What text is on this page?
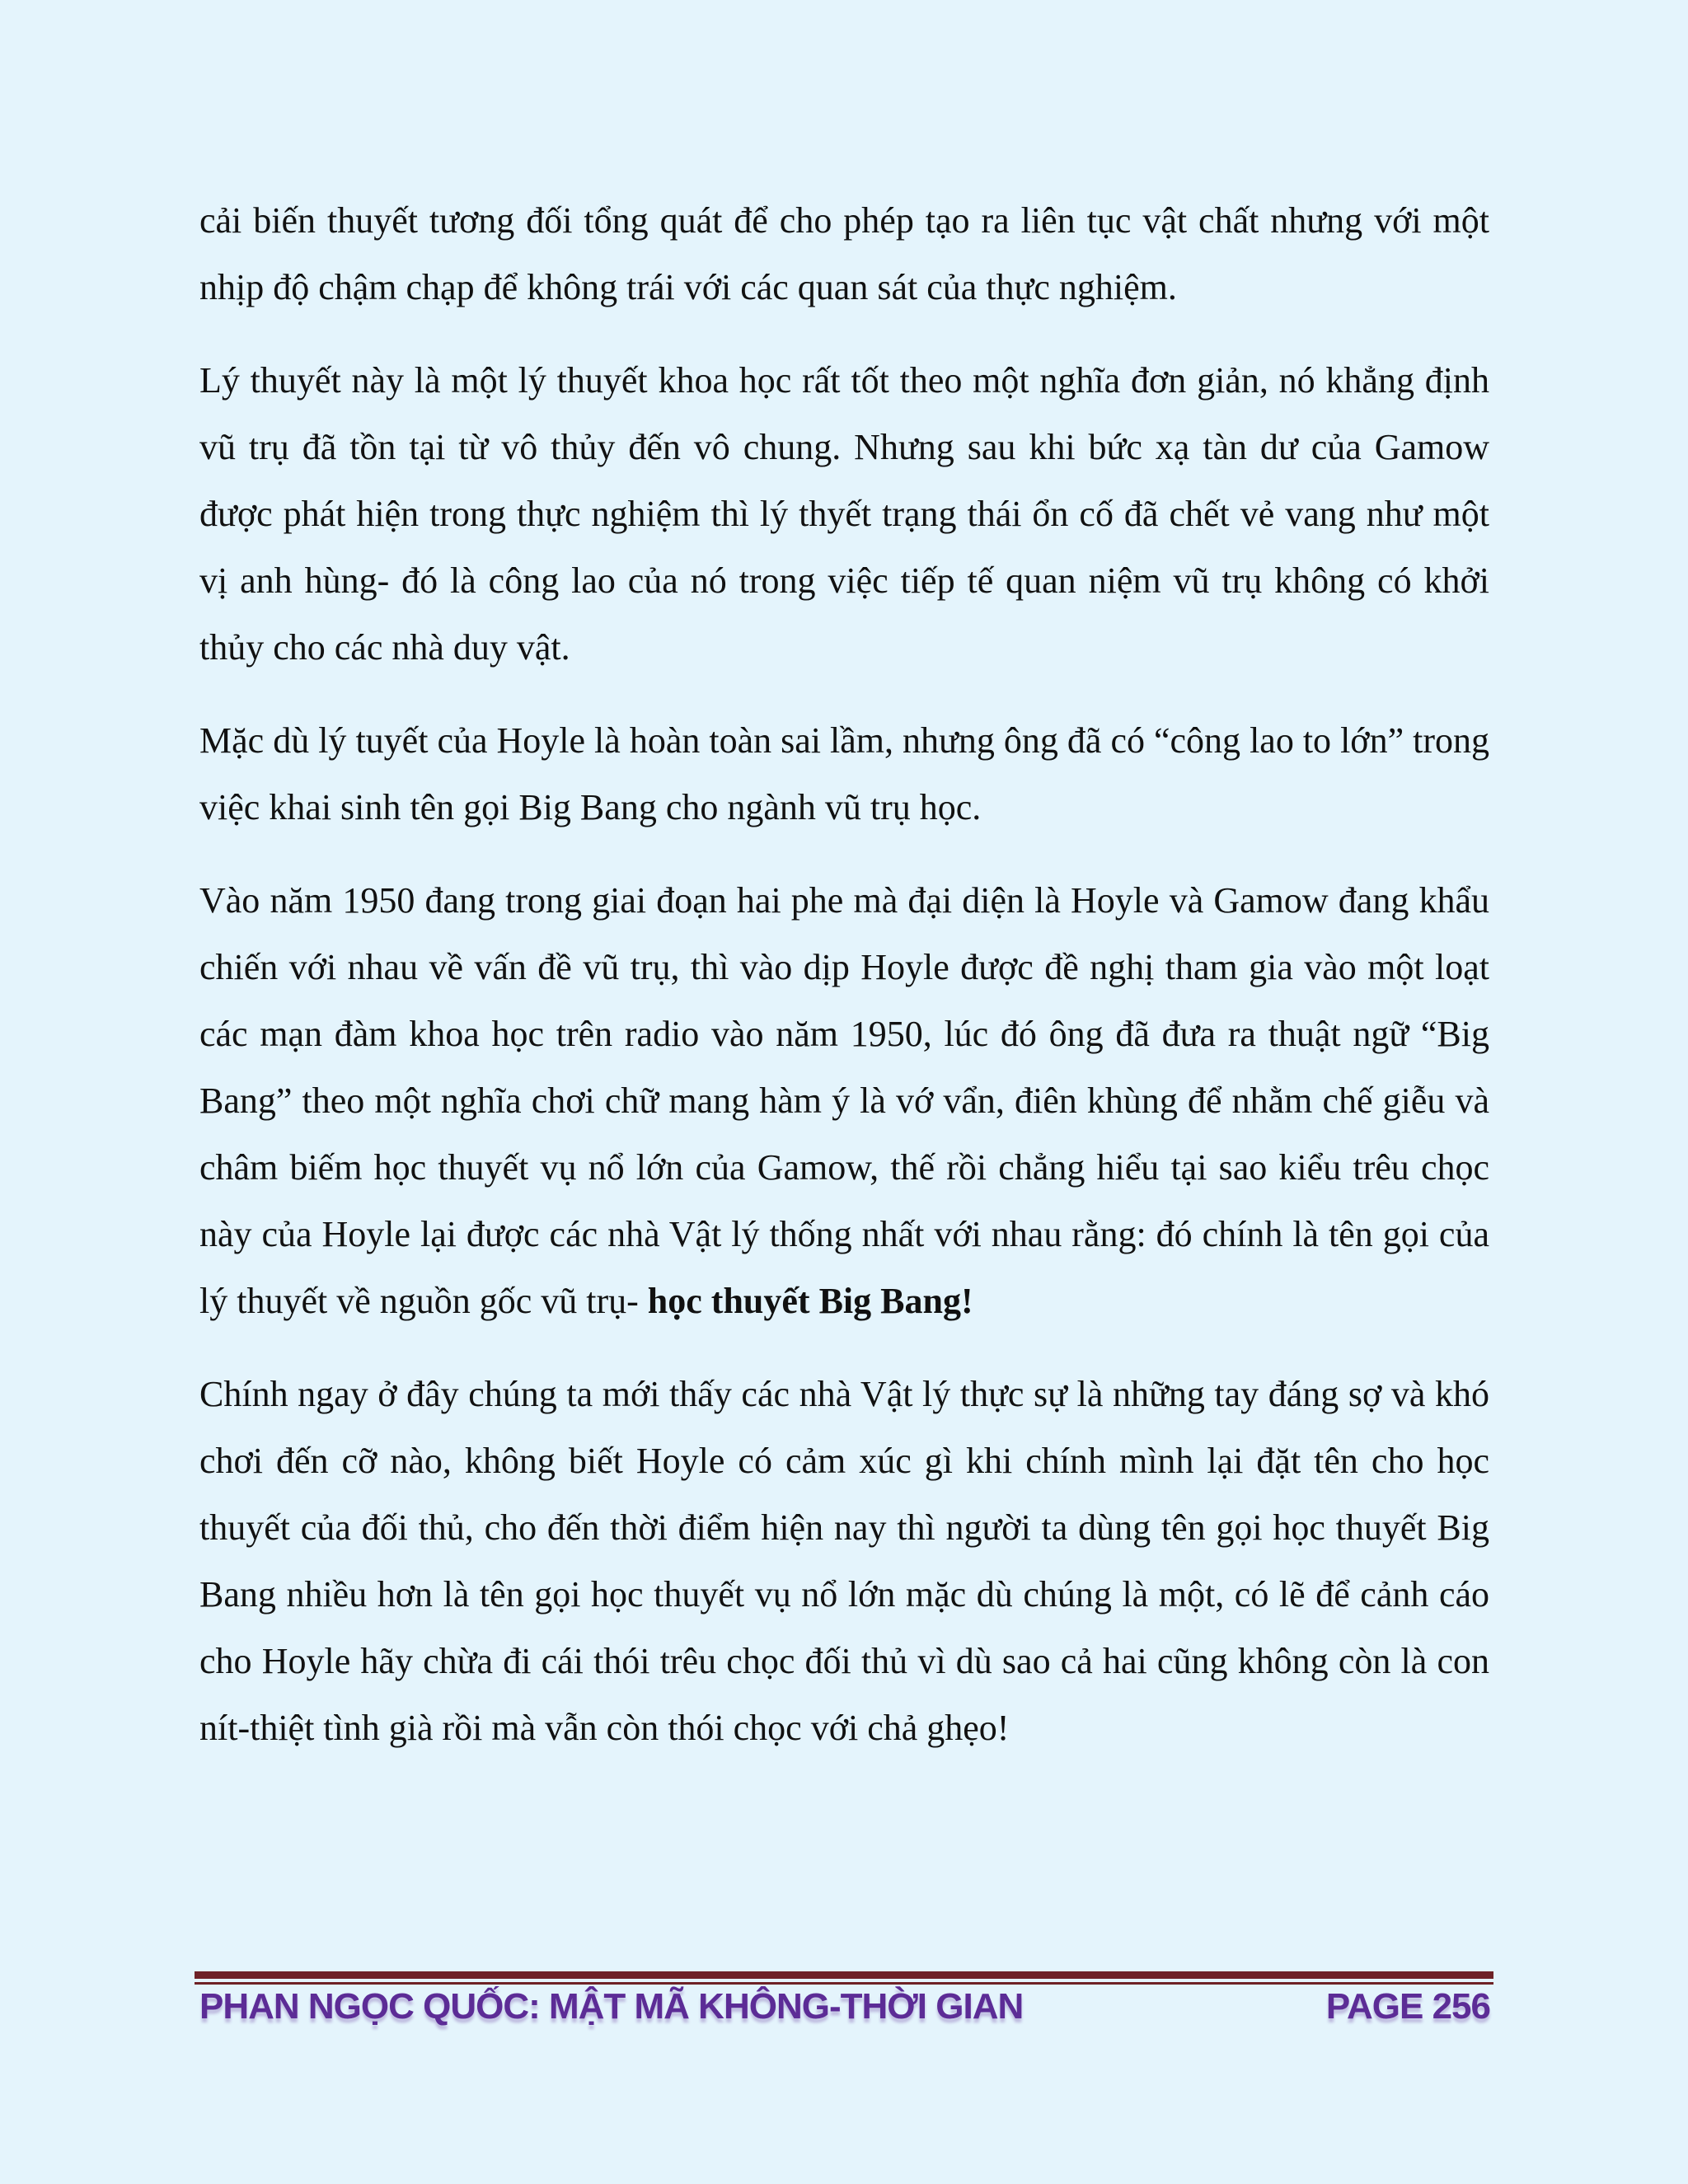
cải biến thuyết tương đối tổng quát để cho phép tạo ra liên tục vật chất nhưng với một nhịp độ chậm chạp để không trái với các quan sát của thực nghiệm.

Lý thuyết này là một lý thuyết khoa học rất tốt theo một nghĩa đơn giản, nó khẳng định vũ trụ đã tồn tại từ vô thủy đến vô chung. Nhưng sau khi bức xạ tàn dư của Gamow được phát hiện trong thực nghiệm thì lý thyết trạng thái ổn cố đã chết vẻ vang như một vị anh hùng- đó là công lao của nó trong việc tiếp tế quan niệm vũ trụ không có khởi thủy cho các nhà duy vật.

Mặc dù lý tuyết của Hoyle là hoàn toàn sai lầm, nhưng ông đã có “công lao to lớn” trong việc khai sinh tên gọi Big Bang cho ngành vũ trụ học.

Vào năm 1950 đang trong giai đoạn hai phe mà đại diện là Hoyle và Gamow đang khẩu chiến với nhau về vấn đề vũ trụ, thì vào dịp Hoyle được đề nghị tham gia vào một loạt các mạn đàm khoa học trên radio vào năm 1950, lúc đó ông đã đưa ra thuật ngữ “Big Bang” theo một nghĩa chơi chữ mang hàm ý là vớ vẩn, điên khùng để nhằm chế giễu và châm biếm học thuyết vụ nổ lớn của Gamow, thế rồi chẳng hiểu tại sao kiểu trêu chọc này của Hoyle lại được các nhà Vật lý thống nhất với nhau rằng: đó chính là tên gọi của lý thuyết về nguồn gốc vũ trụ- học thuyết Big Bang!

Chính ngay ở đây chúng ta mới thấy các nhà Vật lý thực sự là những tay đáng sợ và khó chơi đến cỡ nào, không biết Hoyle có cảm xúc gì khi chính mình lại đặt tên cho học thuyết của đối thủ, cho đến thời điểm hiện nay thì người ta dùng tên gọi học thuyết Big Bang nhiều hơn là tên gọi học thuyết vụ nổ lớn mặc dù chúng là một, có lẽ để cảnh cáo cho Hoyle hãy chừa đi cái thói trêu chọc đối thủ vì dù sao cả hai cũng không còn là con nít-thiệt tình già rồi mà vẫn còn thói chọc với chả ghẹo!

PHAN NGỌC QUỐC: MẬT MÃ KHÔNG-THỜI GIAN	PAGE 256
